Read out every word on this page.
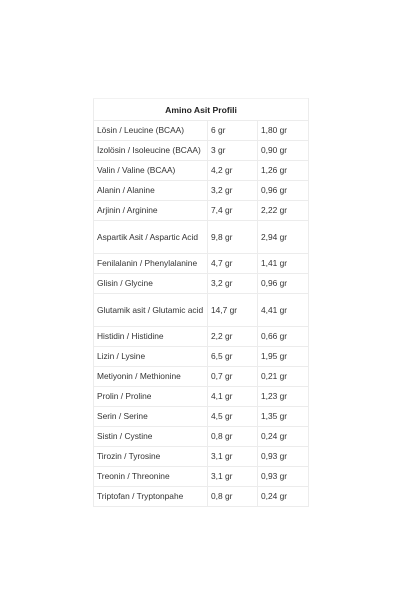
Amino Asit Profili		
Lösin / Leucine (BCAA)	6 gr	1,80 gr
İzolösin / Isoleucine (BCAA)	3 gr	0,90 gr
Valin / Valine (BCAA)	4,2 gr	1,26 gr
Alanin / Alanine	3,2 gr	0,96 gr
Arjinin / Arginine	7,4 gr	2,22 gr
Aspartik Asit / Aspartic Acid	9,8 gr	2,94 gr
Fenilalanin / Phenylalanine	4,7 gr	1,41 gr
Glisin / Glycine	3,2 gr	0,96 gr
Glutamik asit / Glutamic acid	14,7 gr	4,41 gr
Histidin / Histidine	2,2 gr	0,66 gr
Lizin / Lysine	6,5 gr	1,95 gr
Metiyonin / Methionine	0,7 gr	0,21 gr
Prolin / Proline	4,1 gr	1,23 gr
Serin / Serine	4,5 gr	1,35 gr
Sistin / Cystine	0,8 gr	0,24 gr
Tirozin / Tyrosine	3,1 gr	0,93 gr
Treonin / Threonine	3,1 gr	0,93 gr
Triptofan / Tryptonpahe	0,8 gr	0,24 gr
